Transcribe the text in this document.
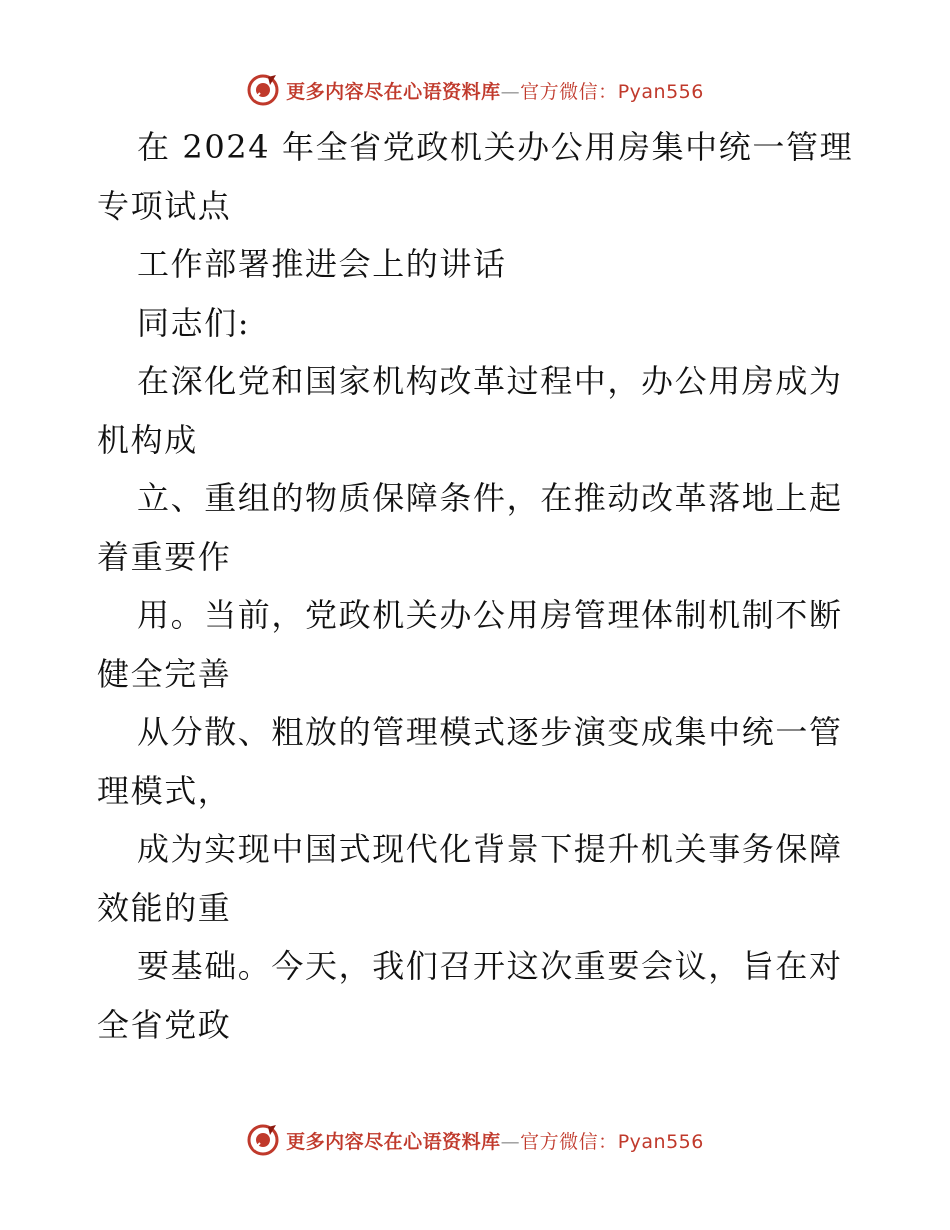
更多内容尽在心语资料库—官方微信：Pyan556
在 2024 年全省党政机关办公用房集中统一管理
专项试点
工作部署推进会上的讲话
同志们:
在深化党和国家机构改革过程中，办公用房成为
机构成
立、重组的物质保障条件，在推动改革落地上起
着重要作
用。当前，党政机关办公用房管理体制机制不断
健全完善
从分散、粗放的管理模式逐步演变成集中统一管
理模式，
成为实现中国式现代化背景下提升机关事务保障
效能的重
要基础。今天，我们召开这次重要会议，旨在对
全省党政
更多内容尽在心语资料库—官方微信：Pyan556
